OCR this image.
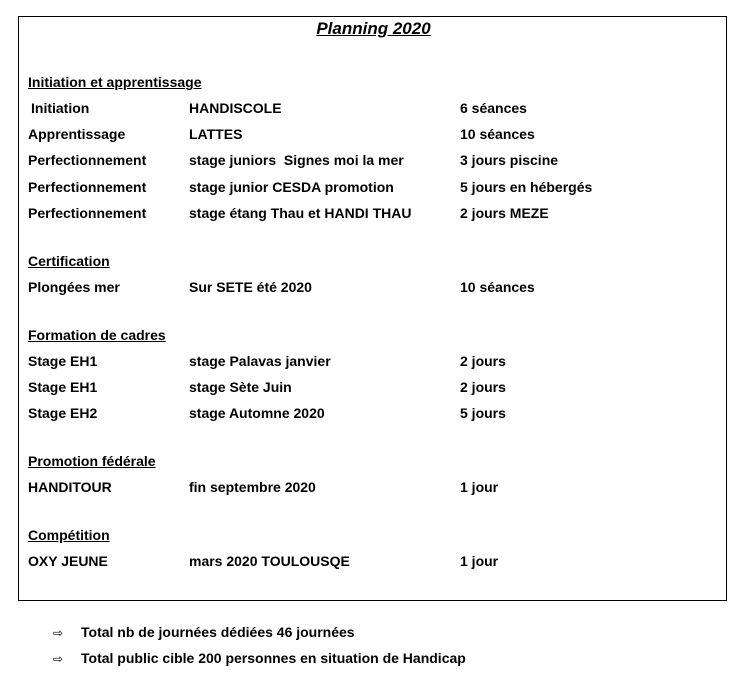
Planning 2020
Initiation et apprentissage
Initiation	HANDISCOLE	6 séances
Apprentissage	LATTES	10 séances
Perfectionnement	stage juniors  Signes moi la mer	3 jours piscine
Perfectionnement	stage junior CESDA promotion	5 jours en hébergés
Perfectionnement	stage étang Thau et HANDI THAU	2 jours MEZE
Certification
Plongées mer	Sur SETE été 2020	10 séances
Formation de cadres
Stage EH1	stage Palavas janvier	2 jours
Stage EH1	stage Sète Juin	2 jours
Stage EH2	stage Automne 2020	5 jours
Promotion fédérale
HANDITOUR	fin septembre 2020	1 jour
Compétition
OXY JEUNE	mars 2020 TOULOUSQE	1 jour
⇨ Total nb de journées dédiées 46 journées
⇨ Total public cible 200 personnes en situation de Handicap
